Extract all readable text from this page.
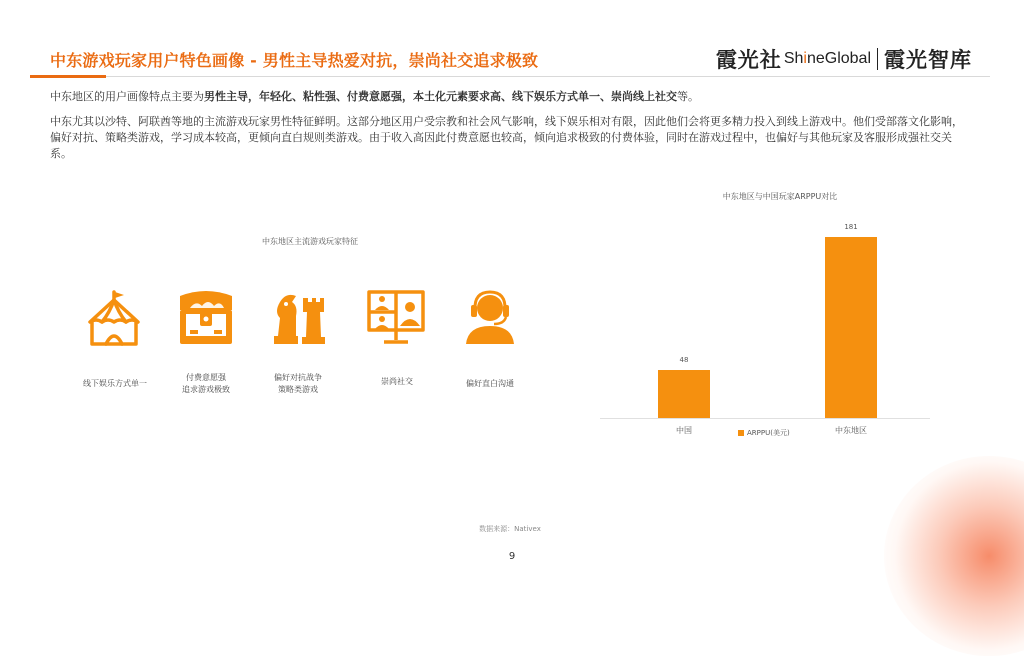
中东游戏玩家用户特色画像 - 男性主导热爱对抗，崇尚社交追求极致	霞光社 ShineGlobal 霞光智库
中东地区的用户画像特点主要为男性主导，年轻化、粘性强、付费意愿强，本土化元素要求高、线下娱乐方式单一、崇尚线上社交等。
中东尤其以沙特、阿联酋等地的主流游戏玩家男性特征鲜明。这部分地区用户受宗教和社会风气影响，线下娱乐相对有限，因此他们会将更多精力投入到线上游戏中。他们受部落文化影响，偏好对抗、策略类游戏，学习成本较高，更倾向直白规则类游戏。由于收入高因此付费意愿也较高，倾向追求极致的付费体验，同时在游戏过程中，也偏好与其他玩家及客服形成强社交关系。
中东地区主流游戏玩家特征
线下娱乐方式单一
付费意愿强
追求游戏极致
偏好对抗战争
策略类游戏
崇尚社交	偏好直白沟通
中东地区与中国玩家ARPPU对比
48
181
中国	中东地区
ARPPU(美元)
数据来源：Nativex
9
